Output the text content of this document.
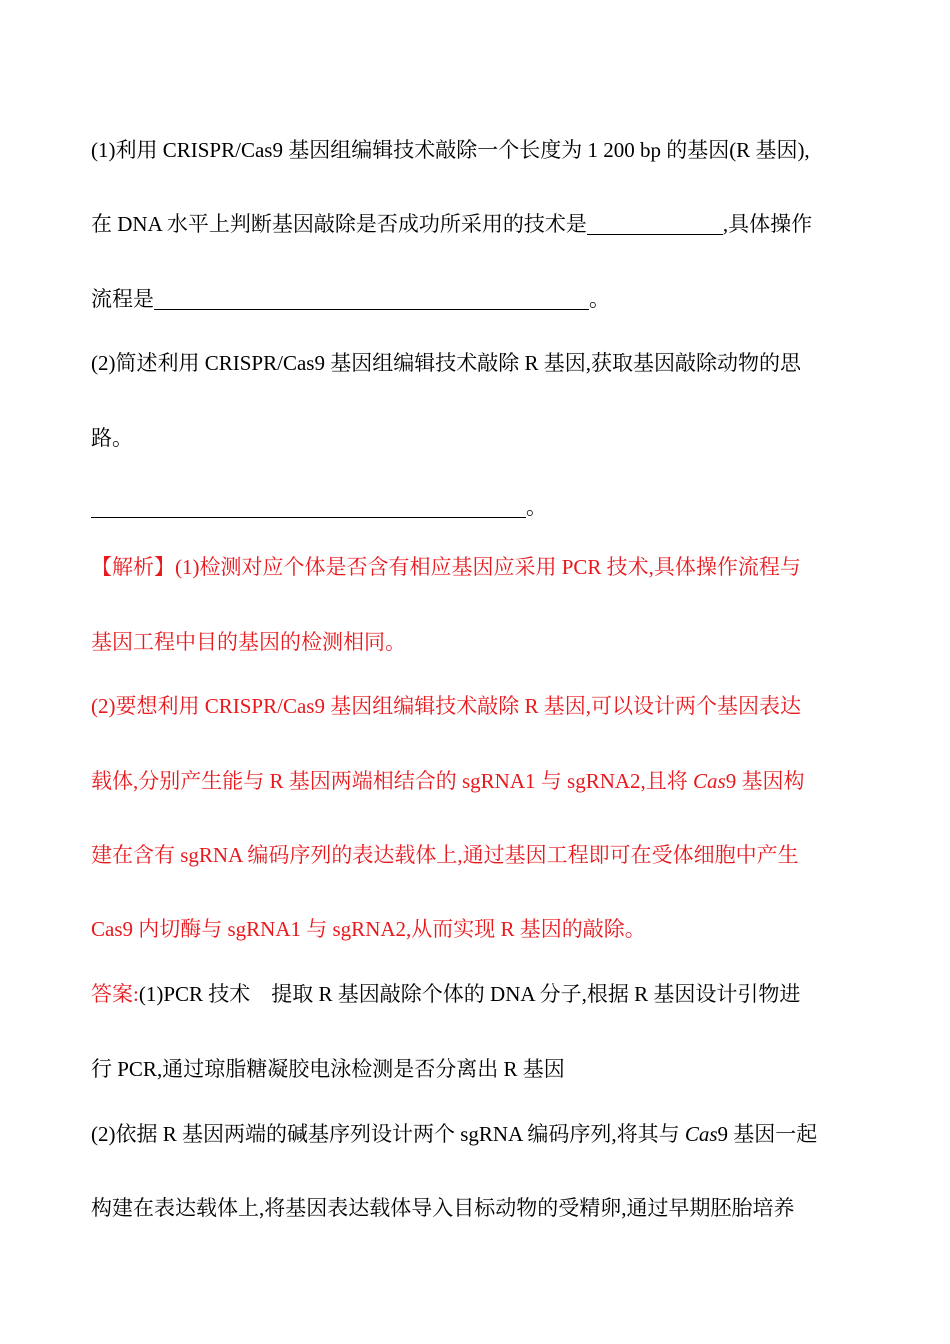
(1)利用 CRISPR/Cas9 基因组编辑技术敲除一个长度为 1 200 bp 的基因(R 基因),
在 DNA 水平上判断基因敲除是否成功所采用的技术是	,具体操作
流程是	。
(2)简述利用 CRISPR/Cas9 基因组编辑技术敲除 R 基因,获取基因敲除动物的思
路。
。
【解析】(1)检测对应个体是否含有相应基因应采用 PCR 技术,具体操作流程与
基因工程中目的基因的检测相同。
(2)要想利用 CRISPR/Cas9 基因组编辑技术敲除 R 基因,可以设计两个基因表达
载体,分别产生能与 R 基因两端相结合的 sgRNA1 与 sgRNA2,且将 Cas9 基因构
建在含有 sgRNA 编码序列的表达载体上,通过基因工程即可在受体细胞中产生
Cas9 内切酶与 sgRNA1 与 sgRNA2,从而实现 R 基因的敲除。
答案:(1)PCR 技术　提取 R 基因敲除个体的 DNA 分子,根据 R 基因设计引物进
行 PCR,通过琼脂糖凝胶电泳检测是否分离出 R 基因
(2)依据 R 基因两端的碱基序列设计两个 sgRNA 编码序列,将其与 Cas9 基因一起
构建在表达载体上,将基因表达载体导入目标动物的受精卵,通过早期胚胎培养
